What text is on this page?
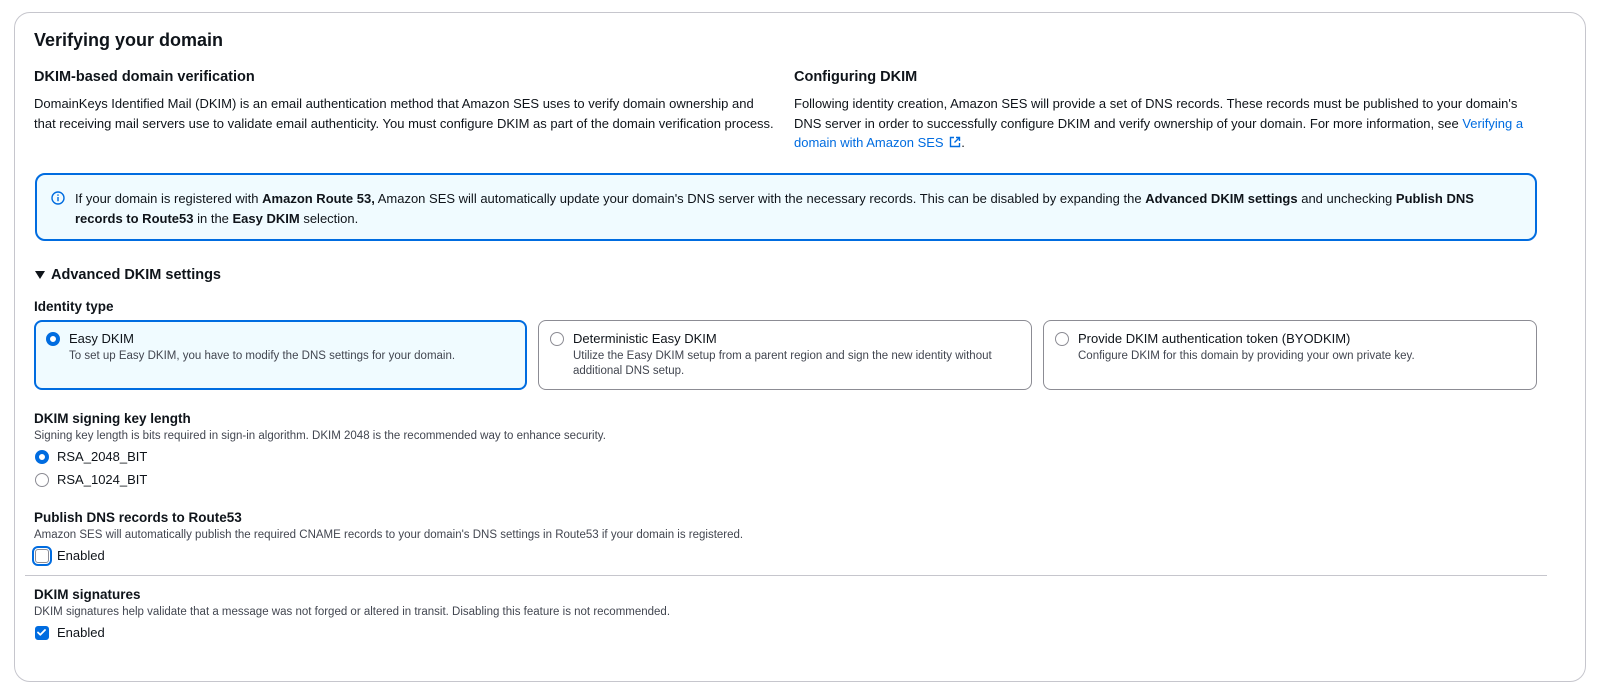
Verifying your domain
DKIM-based domain verification
DomainKeys Identified Mail (DKIM) is an email authentication method that Amazon SES uses to verify domain ownership and that receiving mail servers use to validate email authenticity. You must configure DKIM as part of the domain verification process.
Configuring DKIM
Following identity creation, Amazon SES will provide a set of DNS records. These records must be published to your domain's DNS server in order to successfully configure DKIM and verify ownership of your domain. For more information, see Verifying a domain with Amazon SES .
If your domain is registered with Amazon Route 53, Amazon SES will automatically update your domain's DNS server with the necessary records. This can be disabled by expanding the Advanced DKIM settings and unchecking Publish DNS records to Route53 in the Easy DKIM selection.
Advanced DKIM settings
Identity type
Easy DKIM
To set up Easy DKIM, you have to modify the DNS settings for your domain.
Deterministic Easy DKIM
Utilize the Easy DKIM setup from a parent region and sign the new identity without additional DNS setup.
Provide DKIM authentication token (BYODKIM)
Configure DKIM for this domain by providing your own private key.
DKIM signing key length
Signing key length is bits required in sign-in algorithm. DKIM 2048 is the recommended way to enhance security.
RSA_2048_BIT
RSA_1024_BIT
Publish DNS records to Route53
Amazon SES will automatically publish the required CNAME records to your domain's DNS settings in Route53 if your domain is registered.
Enabled
DKIM signatures
DKIM signatures help validate that a message was not forged or altered in transit. Disabling this feature is not recommended.
Enabled
